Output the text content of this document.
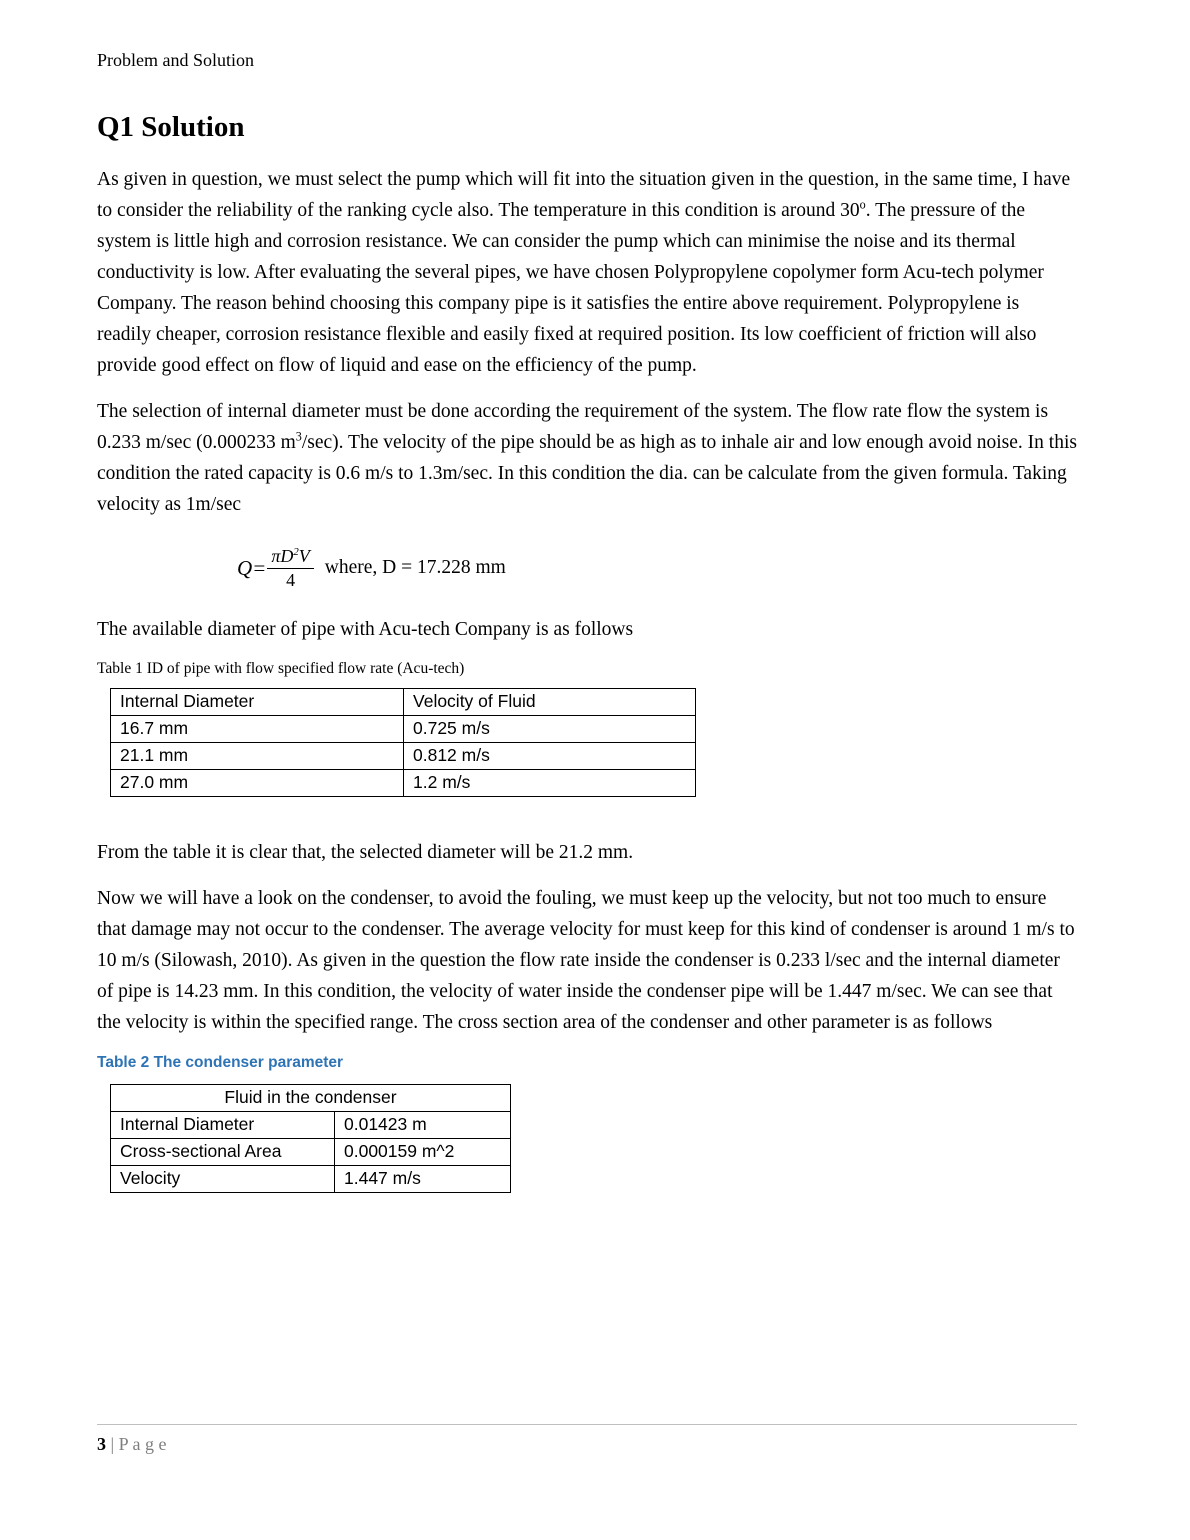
Problem and Solution
Q1 Solution

As given in question, we must select the pump which will fit into the situation given in the question, in the same time, I have to consider the reliability of the ranking cycle also. The temperature in this condition is around 30$^o$. The pressure of the system is little high and corrosion resistance. We can consider the pump which can minimise the noise and its thermal conductivity is low. After evaluating the several pipes, we have chosen Polypropylene copolymer form Acu-tech polymer Company. The reason behind choosing this company pipe is it satisfies the entire above requirement. Polypropylene is readily cheaper, corrosion resistance flexible and easily fixed at required position. Its low coefficient of friction will also provide good effect on flow of liquid and ease on the efficiency of the pump.

The selection of internal diameter must be done according the requirement of the system. The flow rate flow the system is 0.233 m/sec (0.000233 $m^3/\sec$). The velocity of the pipe should be as high as to inhale air and low enough avoid noise. In this condition the rated capacity is 0.6 m/s to 1.3m/sec. In this condition the dia. can be calculate from the given formula. Taking velocity as 1m/sec

$Q= \frac{\pi D^2V}{4}$ where, D = 17.228 mm

The available diameter of pipe with Acu-tech Company is as follows

Table 1 ID of pipe with flow specified flow rate (Acu-tech)
Internal Diameter	Velocity of Fluid
16.7 mm	0.725 m/s
21.1 mm	0.812 m/s
27.0 mm	1.2 m/s

From the table it is clear that, the selected diameter will be 21.2 mm.

Now we will have a look on the condenser, to avoid the fouling, we must keep up the velocity, but not too much to ensure that damage may not occur to the condenser. The average velocity for must keep for this kind of condenser is around 1 m/s to 10 m/s (Silowash, 2010). As given in the question the flow rate inside the condenser is 0.233 l/sec and the internal diameter of pipe is 14.23 mm. In this condition, the velocity of water inside the condenser pipe will be 1.447 m/sec. We can see that the velocity is within the specified range. The cross section area of the condenser and other parameter is as follows

Table 2 The condenser parameter
Fluid in the condenser	
Internal Diameter	0.01423 m
Cross-sectional Area	0.000159 m^2
Velocity	1.447 m/s
3 | P a g e
